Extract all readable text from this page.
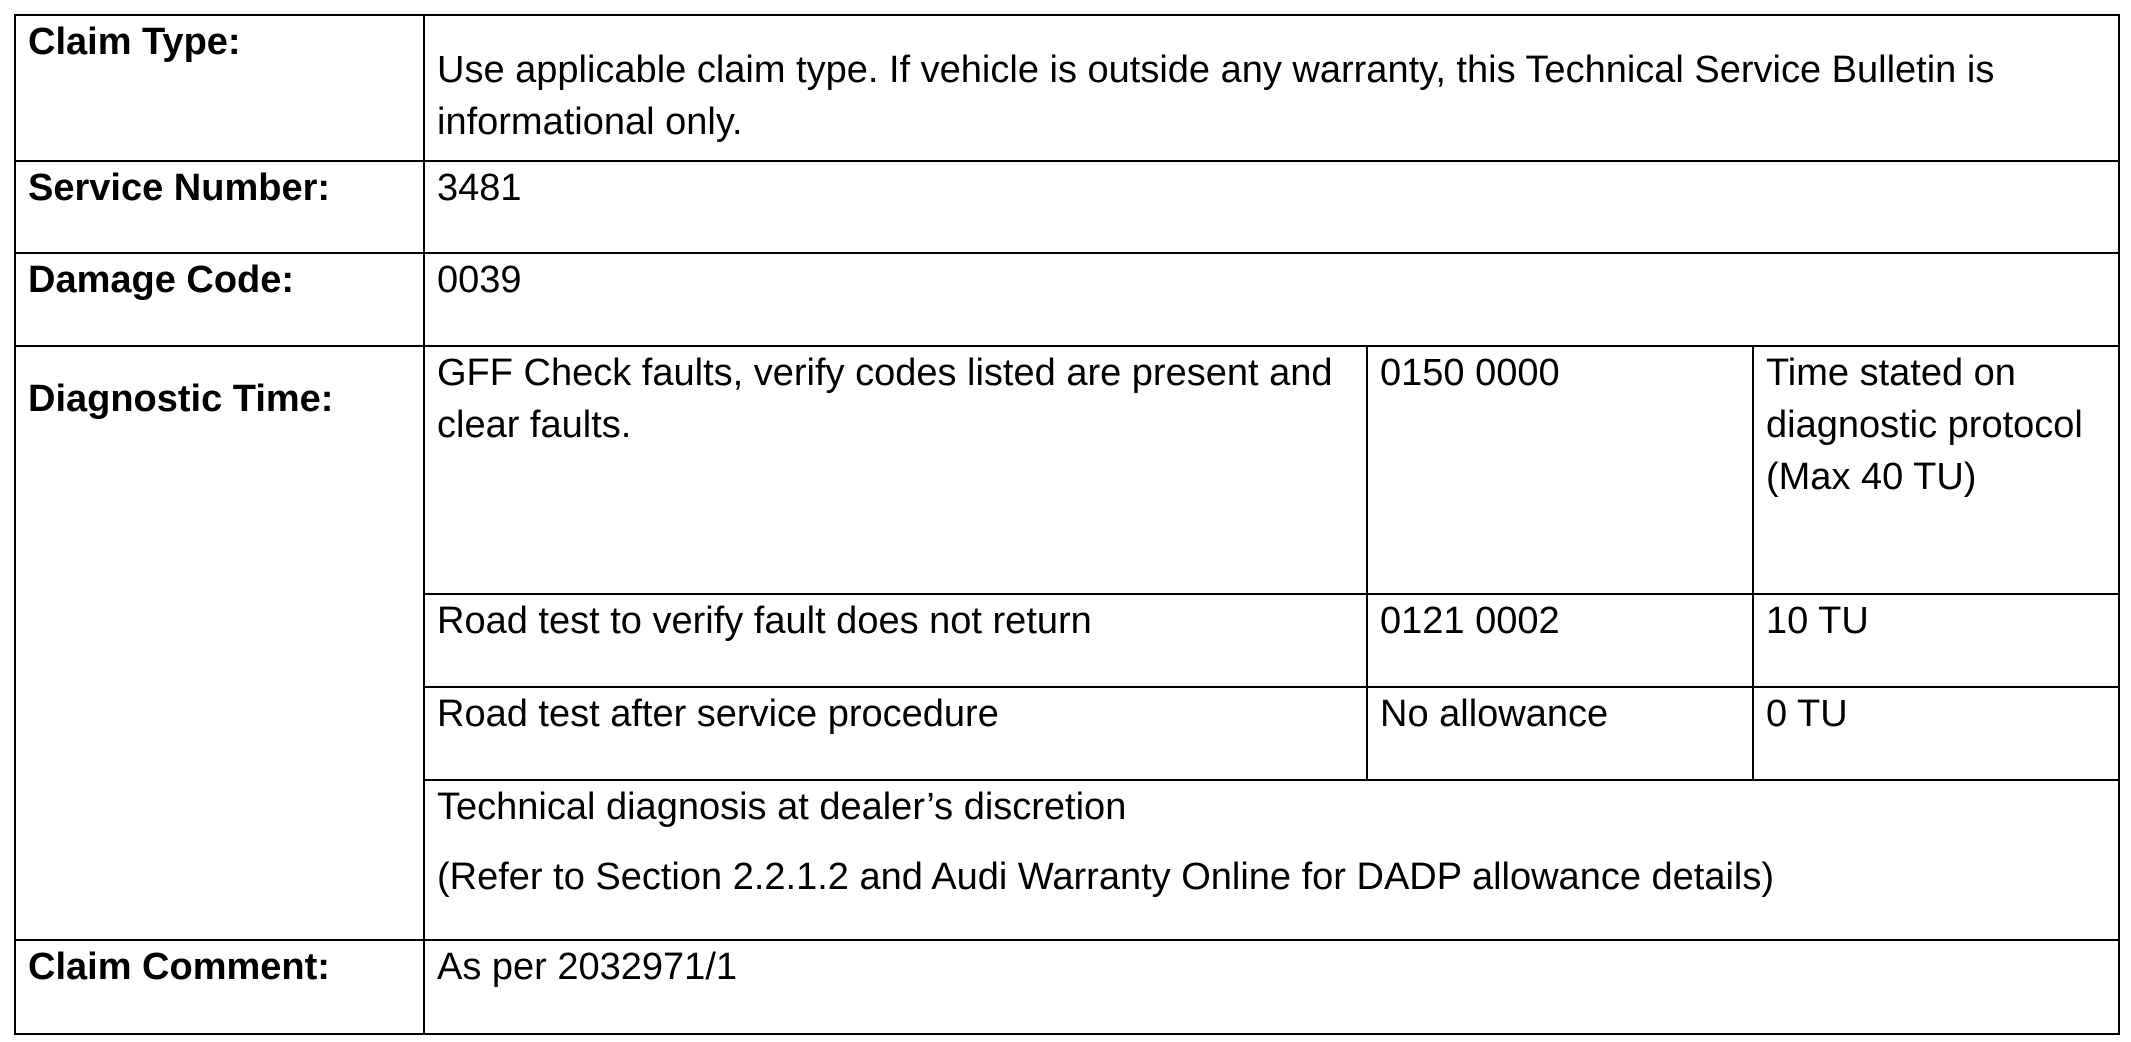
Claim Type:	Use applicable claim type. If vehicle is outside any warranty, this Technical Service Bulletin is informational only.		
Service Number:	3481		
Damage Code:	0039		
Diagnostic Time:	GFF Check faults, verify codes listed are present and clear faults.	0150 0000	Time stated on diagnostic protocol (Max 40 TU)
	Road test to verify fault does not return	0121 0002	10 TU
	Road test after service procedure	No allowance	0 TU

	Technical diagnosis at dealer’s discretion
(Refer to Section 2.2.1.2 and Audi Warranty Online for DADP allowance details)		

Claim Comment:	As per 2032971/1		
